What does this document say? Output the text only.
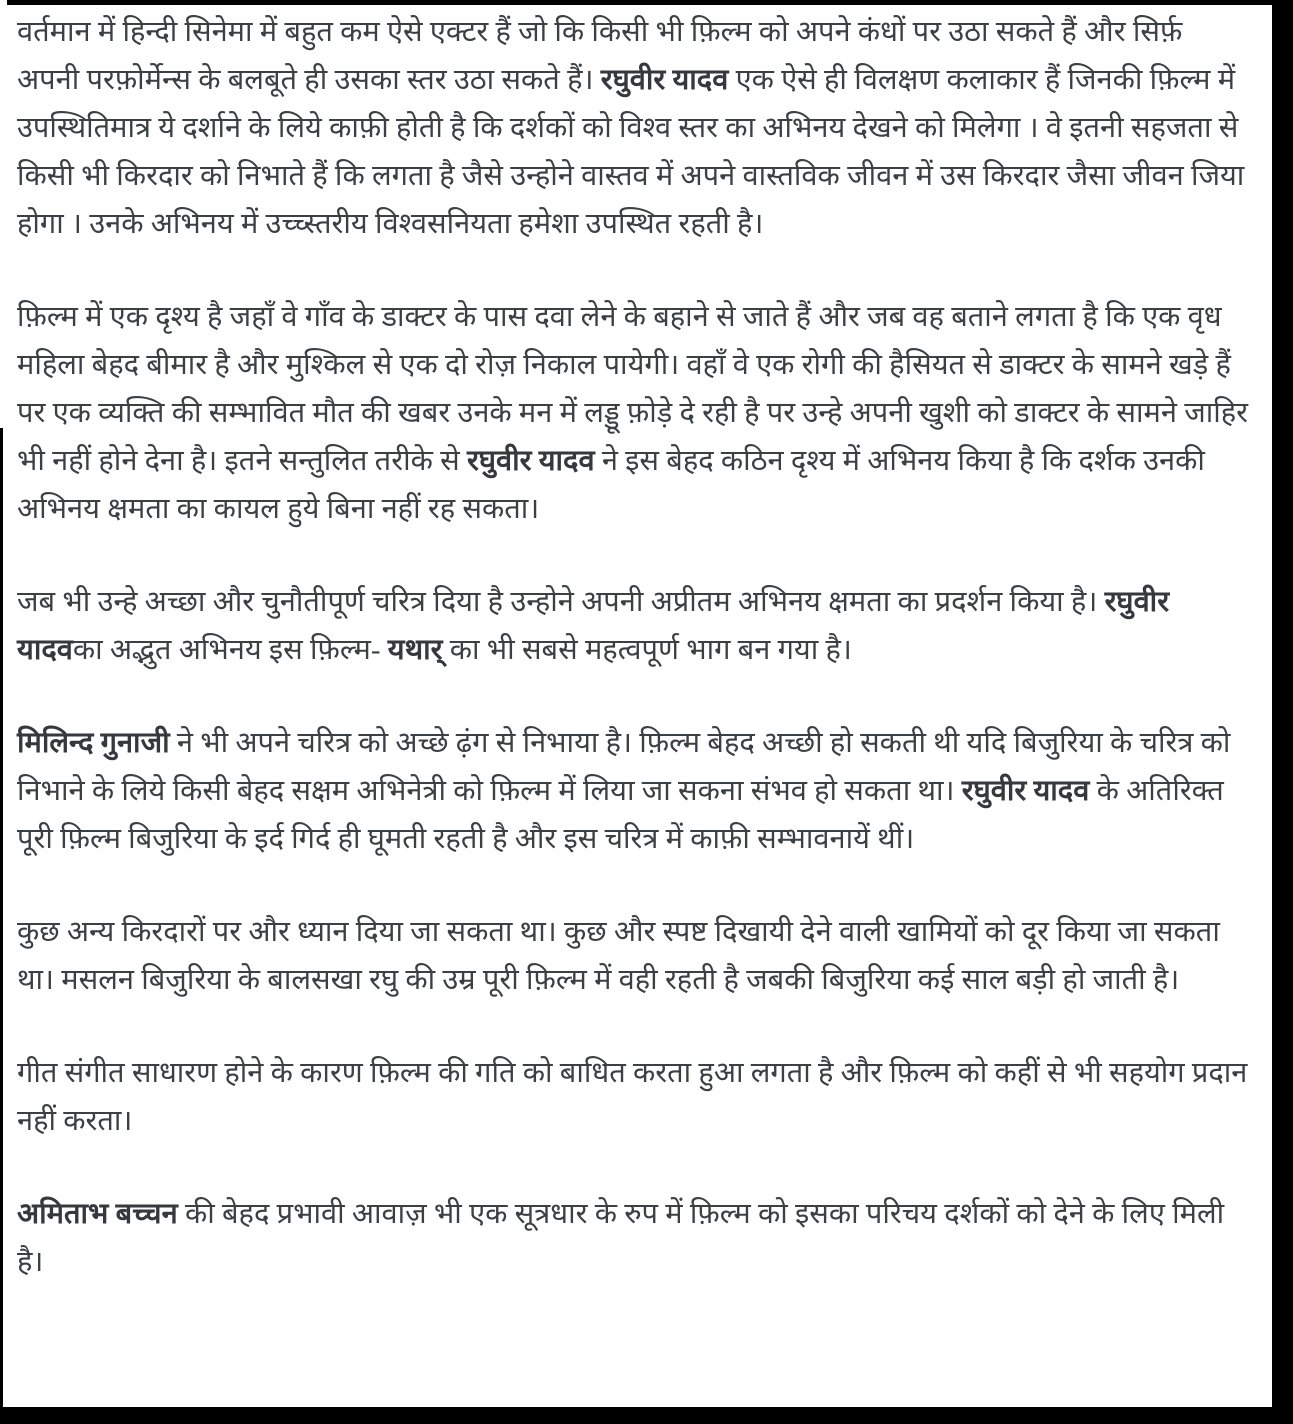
वर्तमान में हिन्दी सिनेमा में बहुत कम ऐसे एक्टर हैं जो कि किसी भी फ़िल्म को अपने कंधों पर उठा सकते हैं और सिर्फ़ अपनी परफ़ोर्मेन्स के बलबूते ही उसका स्तर उठा सकते हैं। रघुवीर यादव एक ऐसे ही विलक्षण कलाकार हैं जिनकी फ़िल्म में उपस्थितिमात्र ये दर्शाने के लिये काफ़ी होती है कि दर्शकों को विश्व स्तर का अभिनय देखने को मिलेगा । वे इतनी सहजता से किसी भी किरदार को निभाते हैं कि लगता है जैसे उन्होने वास्तव में अपने वास्तविक जीवन में उस किरदार जैसा जीवन जिया होगा । उनके अभिनय में उच्च्स्तरीय विश्वसनियता हमेशा उपस्थित रहती है।

फ़िल्म में एक दृश्य है जहाँ वे गाँव के डाक्टर के पास दवा लेने के बहाने से जाते हैं और जब वह बताने लगता है कि एक वृध महिला बेहद बीमार है और मुश्किल से एक दो रोज़ निकाल पायेगी। वहाँ वे एक रोगी की हैसियत से डाक्टर के सामने खड़े हैं पर एक व्यक्ति की सम्भावित मौत की खबर उनके मन में लड्डू फ़ोड़े दे रही है पर उन्हे अपनी खुशी को डाक्टर के सामने जाहिर भी नहीं होने देना है। इतने सन्तुलित तरीके से रघुवीर यादव ने इस बेहद कठिन दृश्य में अभिनय किया है कि दर्शक उनकी अभिनय क्षमता का कायल हुये बिना नहीं रह सकता।

जब भी उन्हे अच्छा और चुनौतीपूर्ण चरित्र दिया है उन्होने अपनी अप्रीतम अभिनय क्षमता का प्रदर्शन किया है। रघुवीर यादवका अद्भुत अभिनय इस फ़िल्म- यथार् का भी सबसे महत्वपूर्ण भाग बन गया है।

मिलिन्द गुनाजी ने भी अपने चरित्र को अच्छे ढ़ंग से निभाया है। फ़िल्म बेहद अच्छी हो सकती थी यदि बिजुरिया के चरित्र को निभाने के लिये किसी बेहद सक्षम अभिनेत्री को फ़िल्म में लिया जा सकना संभव हो सकता था। रघुवीर यादव के अतिरिक्त पूरी फ़िल्म बिजुरिया के इर्द गिर्द ही घूमती रहती है और इस चरित्र में काफ़ी सम्भावनायें थीं।

कुछ अन्य किरदारों पर और ध्यान दिया जा सकता था। कुछ और स्पष्ट दिखायी देने वाली खामियों को दूर किया जा सकता था। मसलन बिजुरिया के बालसखा रघु की उम्र पूरी फ़िल्म में वही रहती है जबकी बिजुरिया कई साल बड़ी हो जाती है।

गीत संगीत साधारण होने के कारण फ़िल्म की गति को बाधित करता हुआ लगता है और फ़िल्म को कहीं से भी सहयोग प्रदान नहीं करता।

अमिताभ बच्चन की बेहद प्रभावी आवाज़ भी एक सूत्रधार के रुप में फ़िल्म को इसका परिचय दर्शकों को देने के लिए मिली है।
